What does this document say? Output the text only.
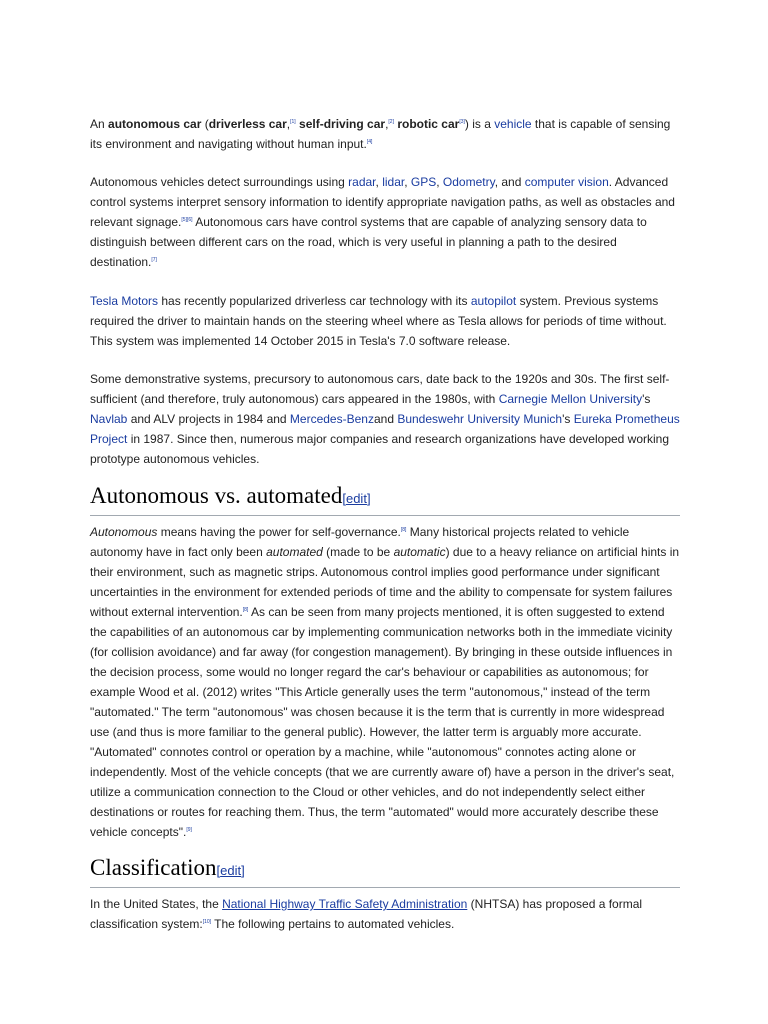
An autonomous car (driverless car,[1] self-driving car,[2] robotic car[3]) is a vehicle that is capable of sensing its environment and navigating without human input.[4]

Autonomous vehicles detect surroundings using radar, lidar, GPS, Odometry, and computer vision. Advanced control systems interpret sensory information to identify appropriate navigation paths, as well as obstacles and relevant signage.[5][6] Autonomous cars have control systems that are capable of analyzing sensory data to distinguish between different cars on the road, which is very useful in planning a path to the desired destination.[7]

Tesla Motors has recently popularized driverless car technology with its autopilot system. Previous systems required the driver to maintain hands on the steering wheel where as Tesla allows for periods of time without. This system was implemented 14 October 2015 in Tesla's 7.0 software release.

Some demonstrative systems, precursory to autonomous cars, date back to the 1920s and 30s. The first self-sufficient (and therefore, truly autonomous) cars appeared in the 1980s, with Carnegie Mellon University's Navlab and ALV projects in 1984 and Mercedes-Benzand Bundeswehr University Munich's Eureka Prometheus Project in 1987. Since then, numerous major companies and research organizations have developed working prototype autonomous vehicles.

Autonomous vs. automated[edit]

Autonomous means having the power for self-governance.[8] Many historical projects related to vehicle autonomy have in fact only been automated (made to be automatic) due to a heavy reliance on artificial hints in their environment, such as magnetic strips. Autonomous control implies good performance under significant uncertainties in the environment for extended periods of time and the ability to compensate for system failures without external intervention.[8] As can be seen from many projects mentioned, it is often suggested to extend the capabilities of an autonomous car by implementing communication networks both in the immediate vicinity (for collision avoidance) and far away (for congestion management). By bringing in these outside influences in the decision process, some would no longer regard the car's behaviour or capabilities as autonomous; for example Wood et al. (2012) writes "This Article generally uses the term "autonomous," instead of the term "automated." The term "autonomous" was chosen because it is the term that is currently in more widespread use (and thus is more familiar to the general public). However, the latter term is arguably more accurate. "Automated" connotes control or operation by a machine, while "autonomous" connotes acting alone or independently. Most of the vehicle concepts (that we are currently aware of) have a person in the driver's seat, utilize a communication connection to the Cloud or other vehicles, and do not independently select either destinations or routes for reaching them. Thus, the term "automated" would more accurately describe these vehicle concepts".[9]

Classification[edit]

In the United States, the National Highway Traffic Safety Administration (NHTSA) has proposed a formal classification system:[10] The following pertains to automated vehicles.
